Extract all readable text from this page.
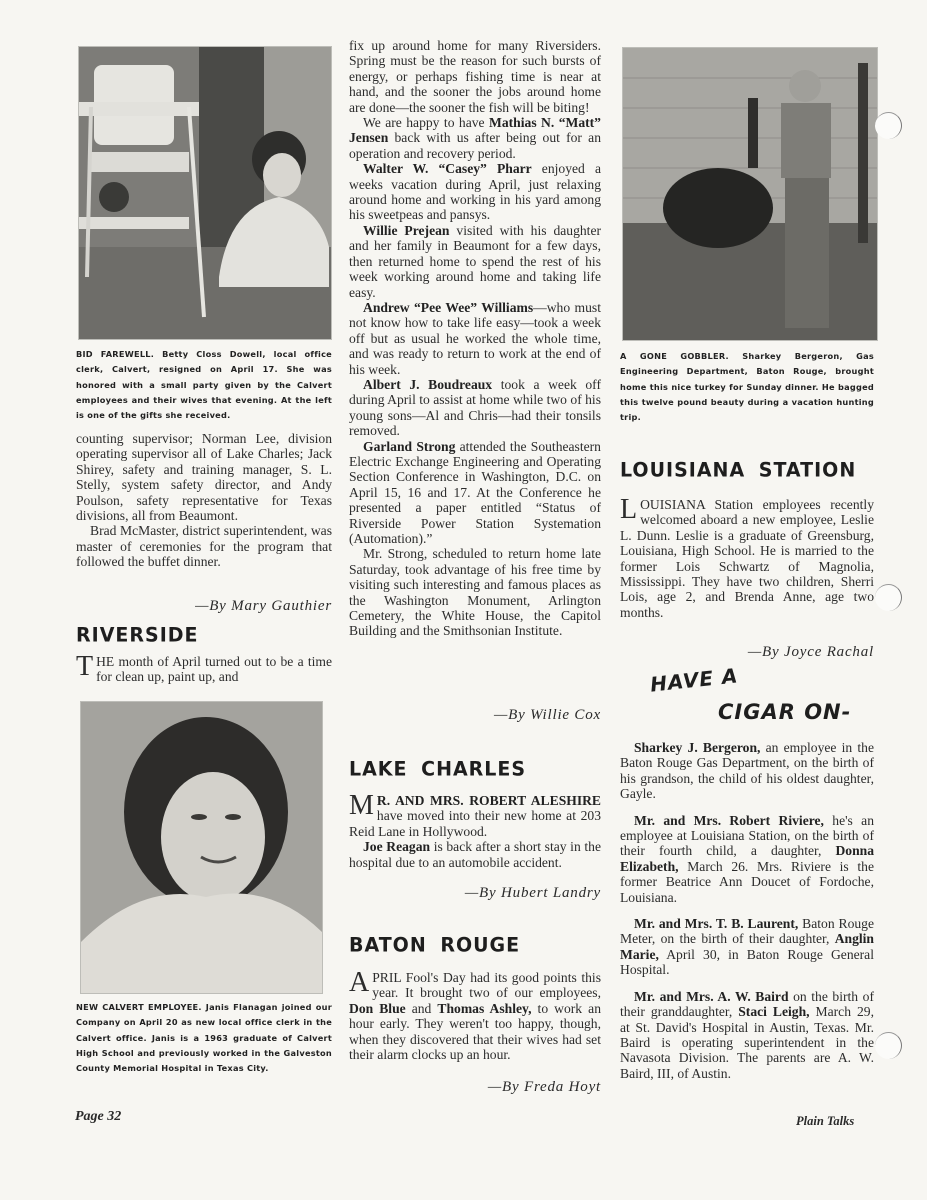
BID FAREWELL. Betty Closs Dowell, local office clerk, Calvert, resigned on April 17. She was honored with a small party given by the Calvert employees and their wives that evening. At the left is one of the gifts she received.

counting supervisor; Norman Lee, division operating supervisor all of Lake Charles; Jack Shirey, safety and training manager, S. L. Stelly, system safety director, and Andy Poulson, safety representative for Texas divisions, all from Beaumont.

Brad McMaster, district superintendent, was master of ceremonies for the program that followed the buffet dinner.

—By Mary Gauthier
RIVERSIDE

THE month of April turned out to be a time for clean up, paint up, and

NEW CALVERT EMPLOYEE. Janis Flanagan joined our Company on April 20 as new local office clerk in the Calvert office. Janis is a 1963 graduate of Calvert High School and previously worked in the Galveston County Memorial Hospital in Texas City.

fix up around home for many Riversiders. Spring must be the reason for such bursts of energy, or perhaps fishing time is near at hand, and the sooner the jobs around home are done—the sooner the fish will be biting!

We are happy to have Mathias N. “Matt” Jensen back with us after being out for an operation and recovery period.

Walter W. “Casey” Pharr enjoyed a weeks vacation during April, just relaxing around home and working in his yard among his sweetpeas and pansys.

Willie Prejean visited with his daughter and her family in Beaumont for a few days, then returned home to spend the rest of his week working around home and taking life easy.

Andrew “Pee Wee” Williams—who must not know how to take life easy—took a week off but as usual he worked the whole time, and was ready to return to work at the end of his week.

Albert J. Boudreaux took a week off during April to assist at home while two of his young sons—Al and Chris—had their tonsils removed.

Garland Strong attended the Southeastern Electric Exchange Engineering and Operating Section Conference in Washington, D.C. on April 15, 16 and 17. At the Conference he presented a paper entitled “Status of Riverside Power Station Systemation (Automation).”

Mr. Strong, scheduled to return home late Saturday, took advantage of his free time by visiting such interesting and famous places as the Washington Monument, Arlington Cemetery, the White House, the Capitol Building and the Smithsonian Institute.

—By Willie Cox
LAKE CHARLES

M R. AND MRS. ROBERT ALESHIRE have moved into their new home at 203 Reid Lane in Hollywood.

Joe Reagan is back after a short stay in the hospital due to an automobile accident.

—By Hubert Landry
BATON ROUGE

APRIL Fool's Day had its good points this year. It brought two of our employees, Don Blue and Thomas Ashley, to work an hour early. They weren't too happy, though, when they discovered that their wives had set their alarm clocks up an hour.

—By Freda Hoyt
A GONE GOBBLER. Sharkey Bergeron, Gas Engineering Department, Baton Rouge, brought home this nice turkey for Sunday dinner. He bagged this twelve pound beauty during a vacation hunting trip.
LOUISIANA STATION

LOUISIANA Station employees recently welcomed aboard a new employee, Leslie L. Dunn. Leslie is a graduate of Greensburg, Louisiana, High School. He is married to the former Lois Schwartz of Magnolia, Mississippi. They have two children, Sherri Lois, age 2, and Brenda Anne, age two months.

—By Joyce Rachal
HAVE A
CIGAR ON-

Sharkey J. Bergeron, an employee in the Baton Rouge Gas Department, on the birth of his grandson, the child of his oldest daughter, Gayle.

Mr. and Mrs. Robert Riviere, he's an employee at Louisiana Station, on the birth of their fourth child, a daughter, Donna Elizabeth, March 26. Mrs. Riviere is the former Beatrice Ann Doucet of Fordoche, Louisiana.

Mr. and Mrs. T. B. Laurent, Baton Rouge Meter, on the birth of their daughter, Anglin Marie, April 30, in Baton Rouge General Hospital.

Mr. and Mrs. A. W. Baird on the birth of their granddaughter, Staci Leigh, March 29, at St. David's Hospital in Austin, Texas. Mr. Baird is operating superintendent in the Navasota Division. The parents are A. W. Baird, III, of Austin.

Page 32	Plain Talks
